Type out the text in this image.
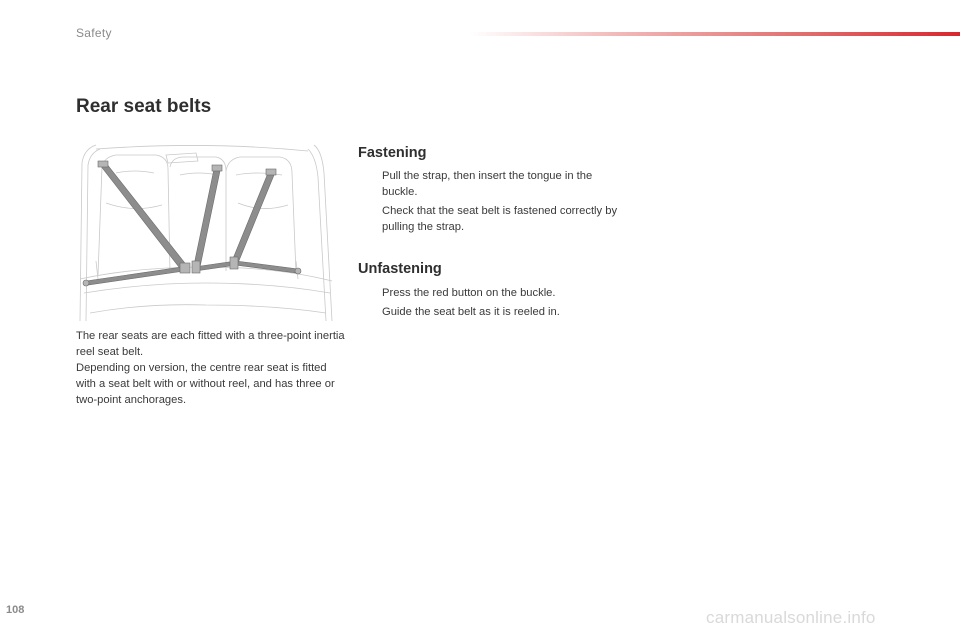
Safety
Rear seat belts

The rear seats are each fitted with a three-point inertia reel seat belt.

Depending on version, the centre rear seat is fitted with a seat belt with or without reel, and has three or two-point anchorages.

Fastening
Pull the strap, then insert the tongue in the buckle.
Check that the seat belt is fastened correctly by pulling the strap.
Unfastening
Press the red button on the buckle.
Guide the seat belt as it is reeled in.
108	carmanualsonline.info
